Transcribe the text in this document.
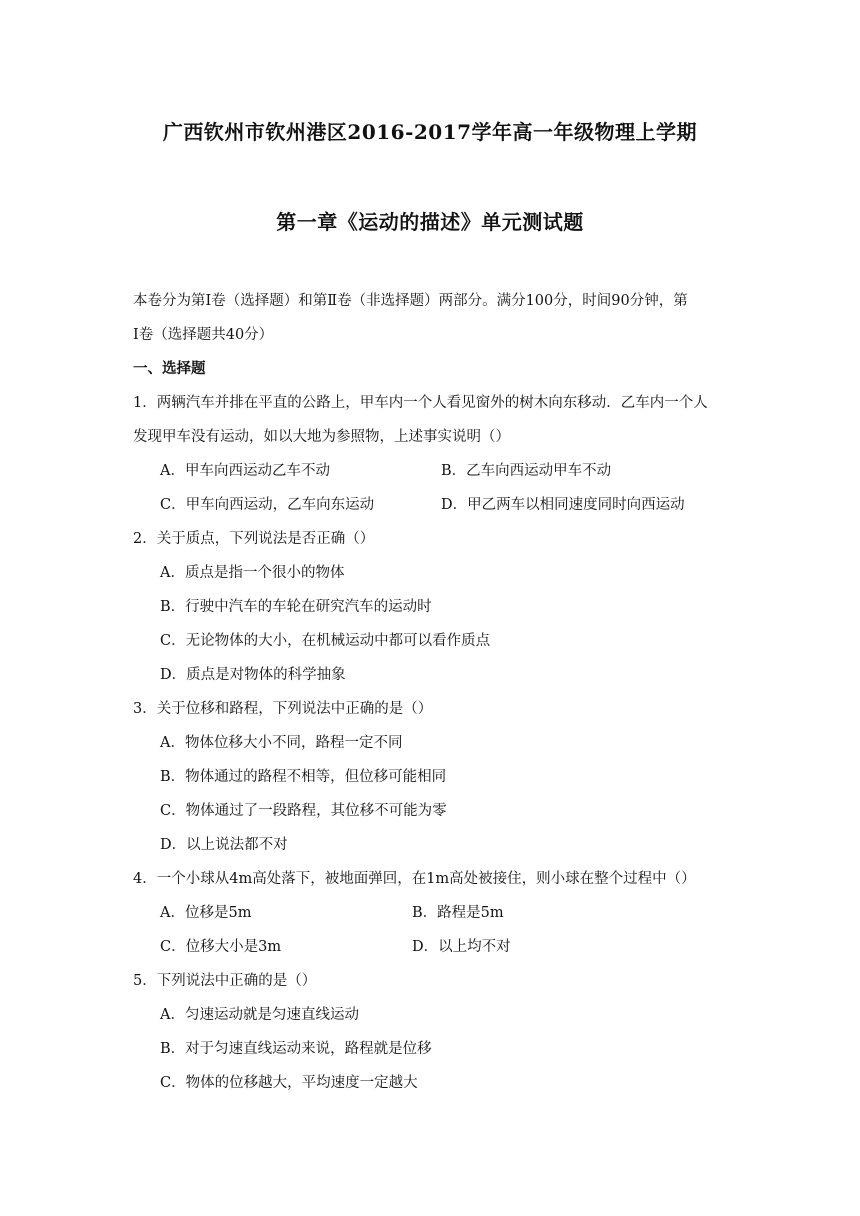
广西钦州市钦州港区2016-2017学年高一年级物理上学期
第一章《运动的描述》单元测试题
本卷分为第Ⅰ卷（选择题）和第Ⅱ卷（非选择题）两部分。满分100分，时间90分钟，第
Ⅰ卷（选择题共40分）
一、选择题
1．两辆汽车并排在平直的公路上，甲车内一个人看见窗外的树木向东移动．乙车内一个人
发现甲车没有运动，如以大地为参照物，上述事实说明（）
A．甲车向西运动乙车不动	B．乙车向西运动甲车不动
C．甲车向西运动，乙车向东运动	D．甲乙两车以相同速度同时向西运动
2．关于质点，下列说法是否正确（）
A．质点是指一个很小的物体
B．行驶中汽车的车轮在研究汽车的运动时
C．无论物体的大小，在机械运动中都可以看作质点
D．质点是对物体的科学抽象
3．关于位移和路程，下列说法中正确的是（）
A．物体位移大小不同，路程一定不同
B．物体通过的路程不相等，但位移可能相同
C．物体通过了一段路程，其位移不可能为零
D．以上说法都不对
4．一个小球从4m高处落下，被地面弹回，在1m高处被接住，则小球在整个过程中（）
A．位移是5m	B．路程是5m
C．位移大小是3m	D．以上均不对
5．下列说法中正确的是（）
A．匀速运动就是匀速直线运动
B．对于匀速直线运动来说，路程就是位移
C．物体的位移越大，平均速度一定越大
